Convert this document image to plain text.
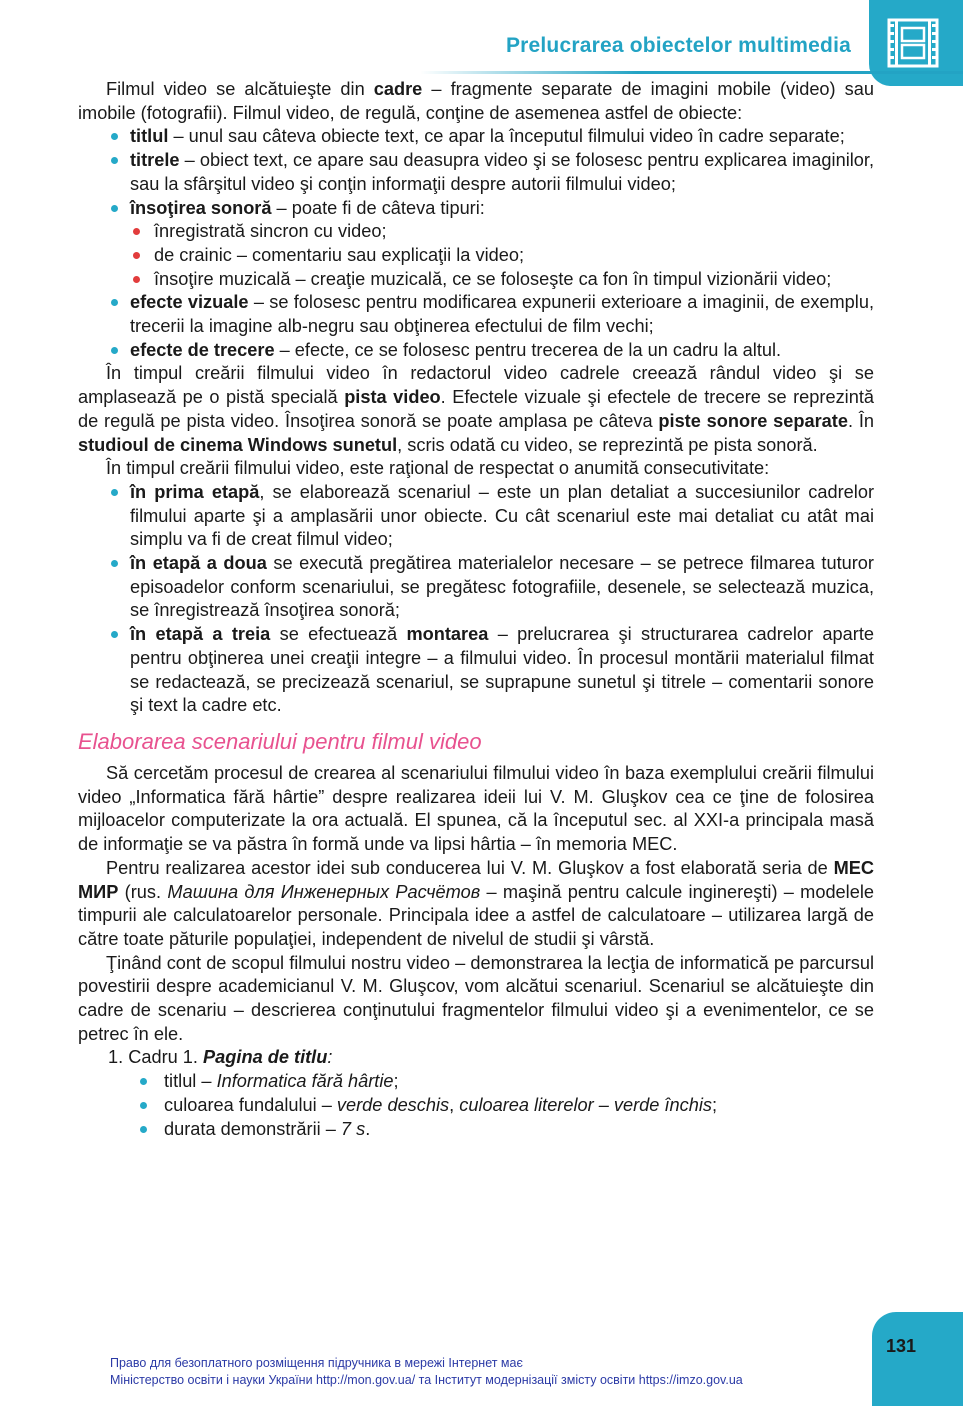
Prelucrarea obiectelor multimedia

Filmul video se alcătuieşte din cadre – fragmente separate de imagini mobile (video) sau imobile (fotografii). Filmul video, de regulă, conţine de asemenea astfel de obiecte:

titlul – unul sau câteva obiecte text, ce apar la începutul filmului video în cadre separate;
titrele – obiect text, ce apare sau deasupra video şi se folosesc pentru explicarea imaginilor, sau la sfârşitul video şi conţin informaţii despre autorii filmului video;
însoţirea sonoră – poate fi de câteva tipuri:
înregistrată sincron cu video;
de crainic – comentariu sau explicaţii la video;
însoţire muzicală – creaţie muzicală, ce se foloseşte ca fon în timpul vizionării video;
efecte vizuale – se folosesc pentru modificarea expunerii exterioare a imaginii, de exemplu, trecerii la imagine alb-negru sau obţinerea efectului de film vechi;
efecte de trecere – efecte, ce se folosesc pentru trecerea de la un cadru la altul.

În timpul creării filmului video în redactorul video cadrele creează rândul video şi se amplasează pe o pistă specială pista video. Efectele vizuale şi efectele de trecere se reprezintă de regulă pe pista video. Însoţirea sonoră se poate amplasa pe câteva piste sonore separate. În studioul de cinema Windows sunetul, scris odată cu video, se reprezintă pe pista sonoră.

În timpul creării filmului video, este raţional de respectat o anumită consecutivitate:

în prima etapă, se elaborează scenariul – este un plan detaliat a succesiunilor cadrelor filmului aparte şi a amplasării unor obiecte. Cu cât scenariul este mai detaliat cu atât mai simplu va fi de creat filmul video;
în etapă a doua se execută pregătirea materialelor necesare – se petrece filmarea tuturor episoadelor conform scenariului, se pregătesc fotografiile, desenele, se selectează muzica, se înregistrează însoţirea sonoră;
în etapă a treia se efectuează montarea – prelucrarea şi structurarea cadrelor aparte pentru obţinerea unei creaţii integre – a filmului video. În procesul montării materialul filmat se redactează, se precizează scenariul, se suprapune sunetul şi titrele – comentarii sonore şi text la cadre etc.
Elaborarea scenariului pentru filmul video

Să cercetăm procesul de crearea al scenariului filmului video în baza exemplului creării filmului video „Informatica fără hârtie” despre realizarea ideii lui V. M. Gluşkov cea ce ţine de folosirea mijloacelor computerizate la ora actuală. El spunea, că la începutul sec. al XXI-a principala masă de informaţie se va păstra în formă unde va lipsi hârtia – în memoria MEC.

Pentru realizarea acestor idei sub conducerea lui V. M. Gluşkov a fost elaborată seria de MEC МИР (rus. Машина для Инженерных Расчётов – maşină pentru calcule inginereşti) – modelele timpurii ale calculatoarelor personale. Principala idee a astfel de calculatoare – utilizarea largă de către toate păturile populaţiei, independent de nivelul de studii şi vârstă.

Ţinând cont de scopul filmului nostru video – demonstrarea la lecţia de informatică pe parcursul povestirii despre academicianul V. M. Gluşcov, vom alcătui scenariul. Scenariul se alcătuieşte din cadre de scenariu – descrierea conţinutului fragmentelor filmului video şi a evenimentelor, ce se petrec în ele.

1. Cadru 1. Pagina de titlu:

titlul – Informatica fără hârtie;
culoarea fundalului – verde deschis, culoarea literelor – verde închis;
durata demonstrării – 7 s.
131
Право для безоплатного розміщення підручника в мережі Інтернет має
Міністерство освіти і науки України http://mon.gov.ua/ та Інститут модернізації змісту освіти https://imzo.gov.ua
